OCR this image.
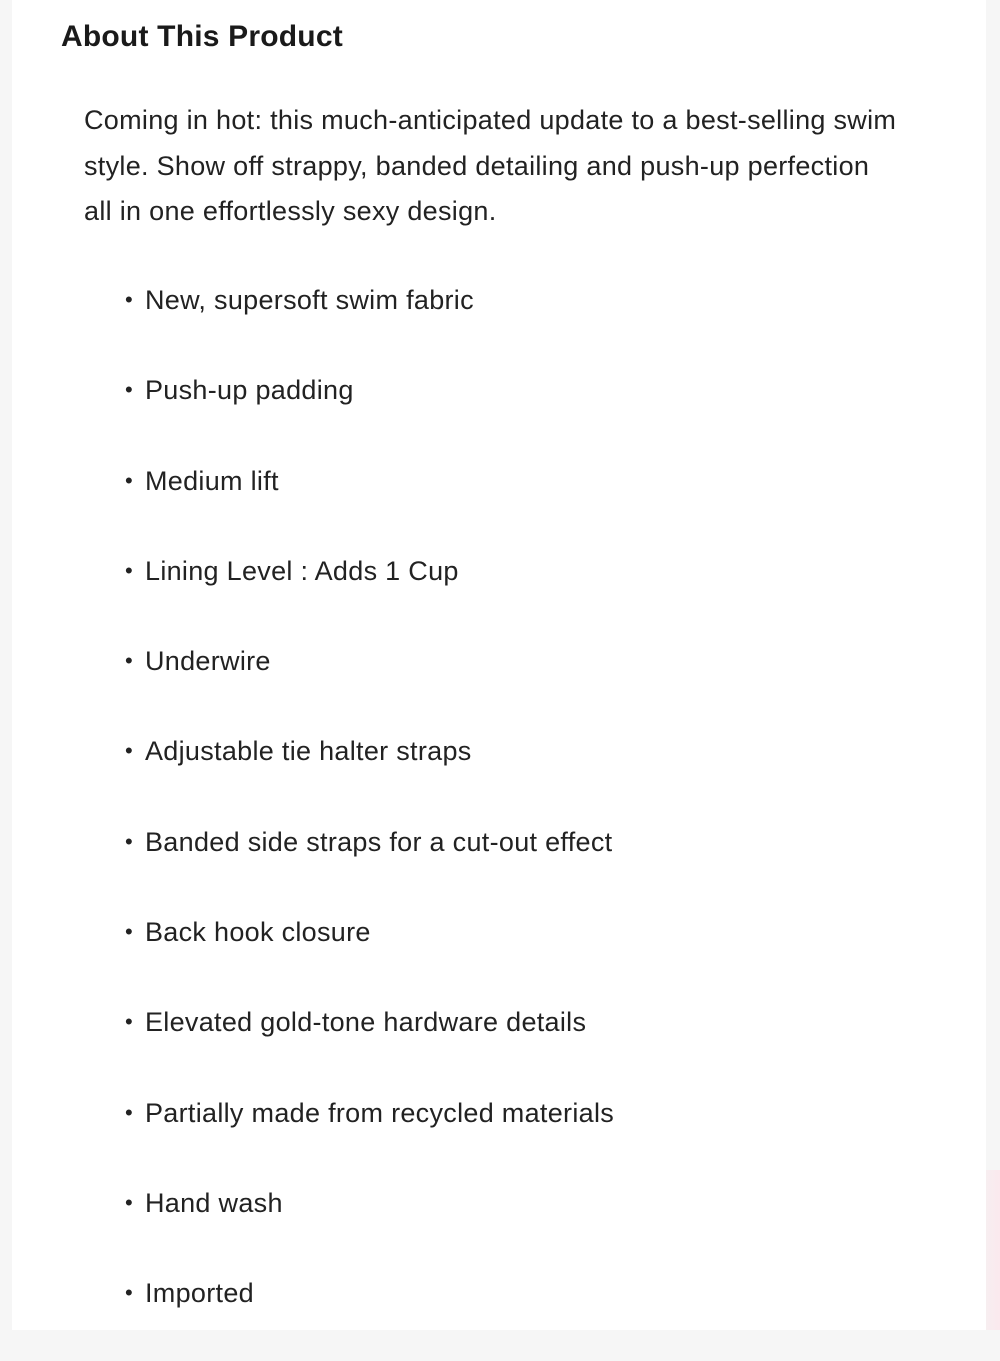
About This Product

Coming in hot: this much-anticipated update to a best-selling swim style. Show off strappy, banded detailing and push-up perfection all in one effortlessly sexy design.

• New, supersoft swim fabric
• Push-up padding
• Medium lift
• Lining Level : Adds 1 Cup
• Underwire
• Adjustable tie halter straps
• Banded side straps for a cut-out effect
• Back hook closure
• Elevated gold-tone hardware details
• Partially made from recycled materials
• Hand wash
• Imported
